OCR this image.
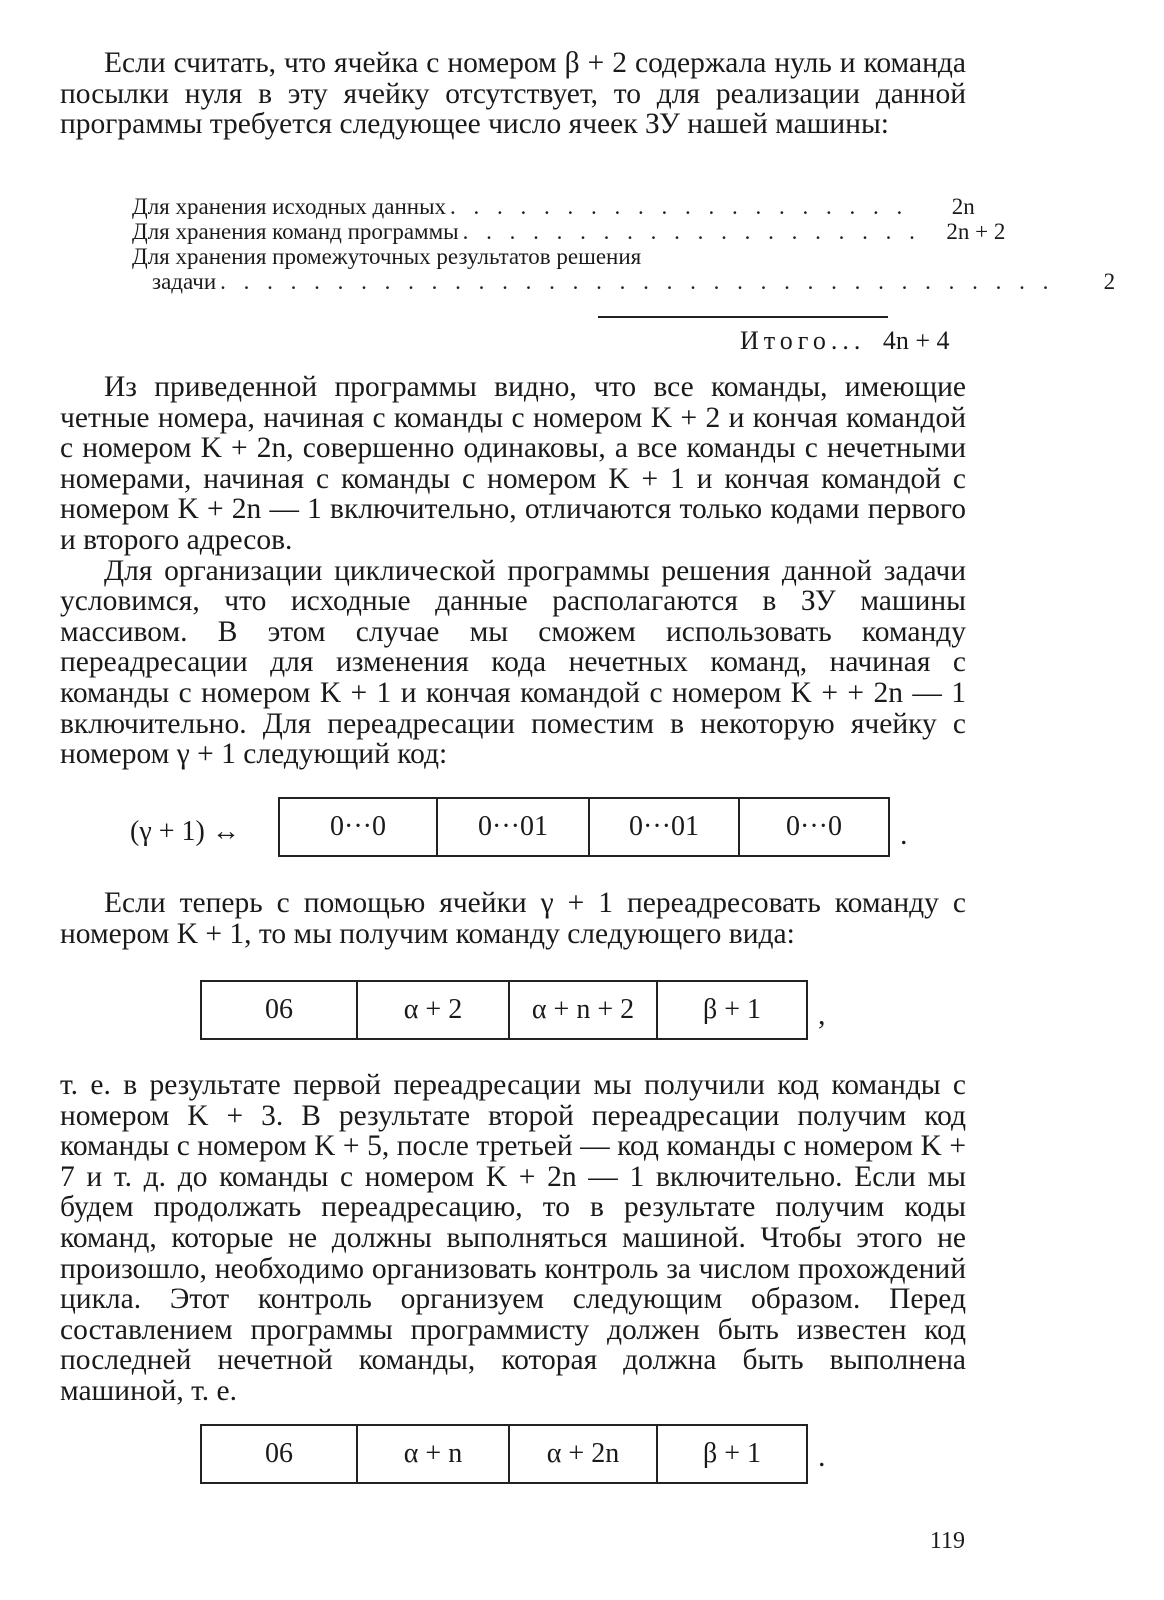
Если считать, что ячейка с номером β + 2 содержала нуль и команда посылки нуля в эту ячейку отсутствует, то для реализации данной программы требуется следующее число ячеек ЗУ нашей машины:

Для хранения исходных данных . . . . . . . . . . . . . . . . . . . .	2n
Для хранения команд программы . . . . . . . . . . . . . . . . . . . .	2n + 2
Для хранения промежуточных результатов решения
задачи . . . . . . . . . . . . . . . . . . . . . . . . . . . . . . . . . . . .	2
Итого... 4n + 4

Из приведенной программы видно, что все команды, имеющие четные номера, начиная с команды с номером K + 2 и кончая командой с номером K + 2n, совершенно одинаковы, а все команды с нечетными номерами, начиная с команды с номером K + 1 и кончая командой с номером K + 2n — 1 включительно, отличаются только кодами первого и второго адресов.

Для организации циклической программы решения данной задачи условимся, что исходные данные располагаются в ЗУ машины массивом. В этом случае мы сможем использовать команду переадресации для изменения кода нечетных команд, начиная с команды с номером K + 1 и кончая командой с номером K + + 2n — 1 включительно. Для переадресации поместим в некоторую ячейку с номером γ + 1 следующий код:

(γ + 1) ↔	0···0	0···01	0···01	0···0	.

Если теперь с помощью ячейки γ + 1 переадресовать команду с номером K + 1, то мы получим команду следующего вида:

06	α + 2	α + n + 2	β + 1	,

т. е. в результате первой переадресации мы получили код команды с номером K + 3. В результате второй переадресации получим код команды с номером K + 5, после третьей — код команды с номером K + 7 и т. д. до команды с номером K + 2n — 1 включительно. Если мы будем продолжать переадресацию, то в результате получим коды команд, которые не должны выполняться машиной. Чтобы этого не произошло, необходимо организовать контроль за числом прохождений цикла. Этот контроль организуем следующим образом. Перед составлением программы программисту должен быть известен код последней нечетной команды, которая должна быть выполнена машиной, т. е.

06	α + n	α + 2n	β + 1	.
119
